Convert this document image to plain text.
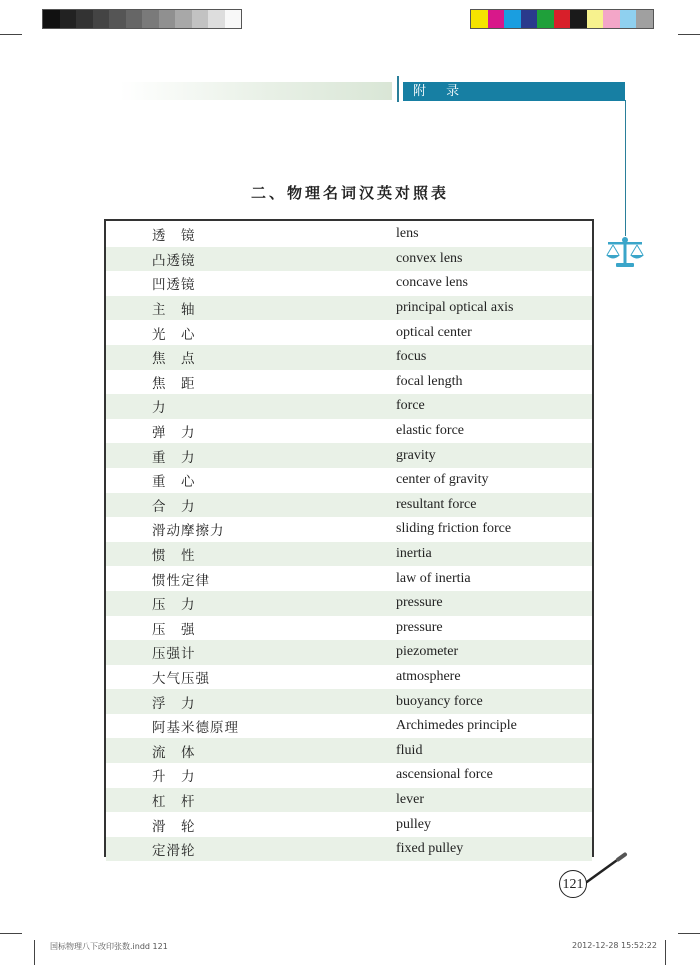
附 录
二、物理名词汉英对照表
透　镜	lens
凸透镜	convex lens
凹透镜	concave lens
主　轴	principal optical axis
光　心	optical center
焦　点	focus
焦　距	focal length
力	force
弹　力	elastic force
重　力	gravity
重　心	center of gravity
合　力	resultant force
滑动摩擦力	sliding friction force
惯　性	inertia
惯性定律	law of inertia
压　力	pressure
压　强	pressure
压强计	piezometer
大气压强	atmosphere
浮　力	buoyancy force
阿基米德原理	Archimedes principle
流　体	fluid
升　力	ascensional force
杠　杆	lever
滑　轮	pulley
定滑轮	fixed pulley
121
国标物理八下改印张数.indd 121	2012-12-28 15:52:22
